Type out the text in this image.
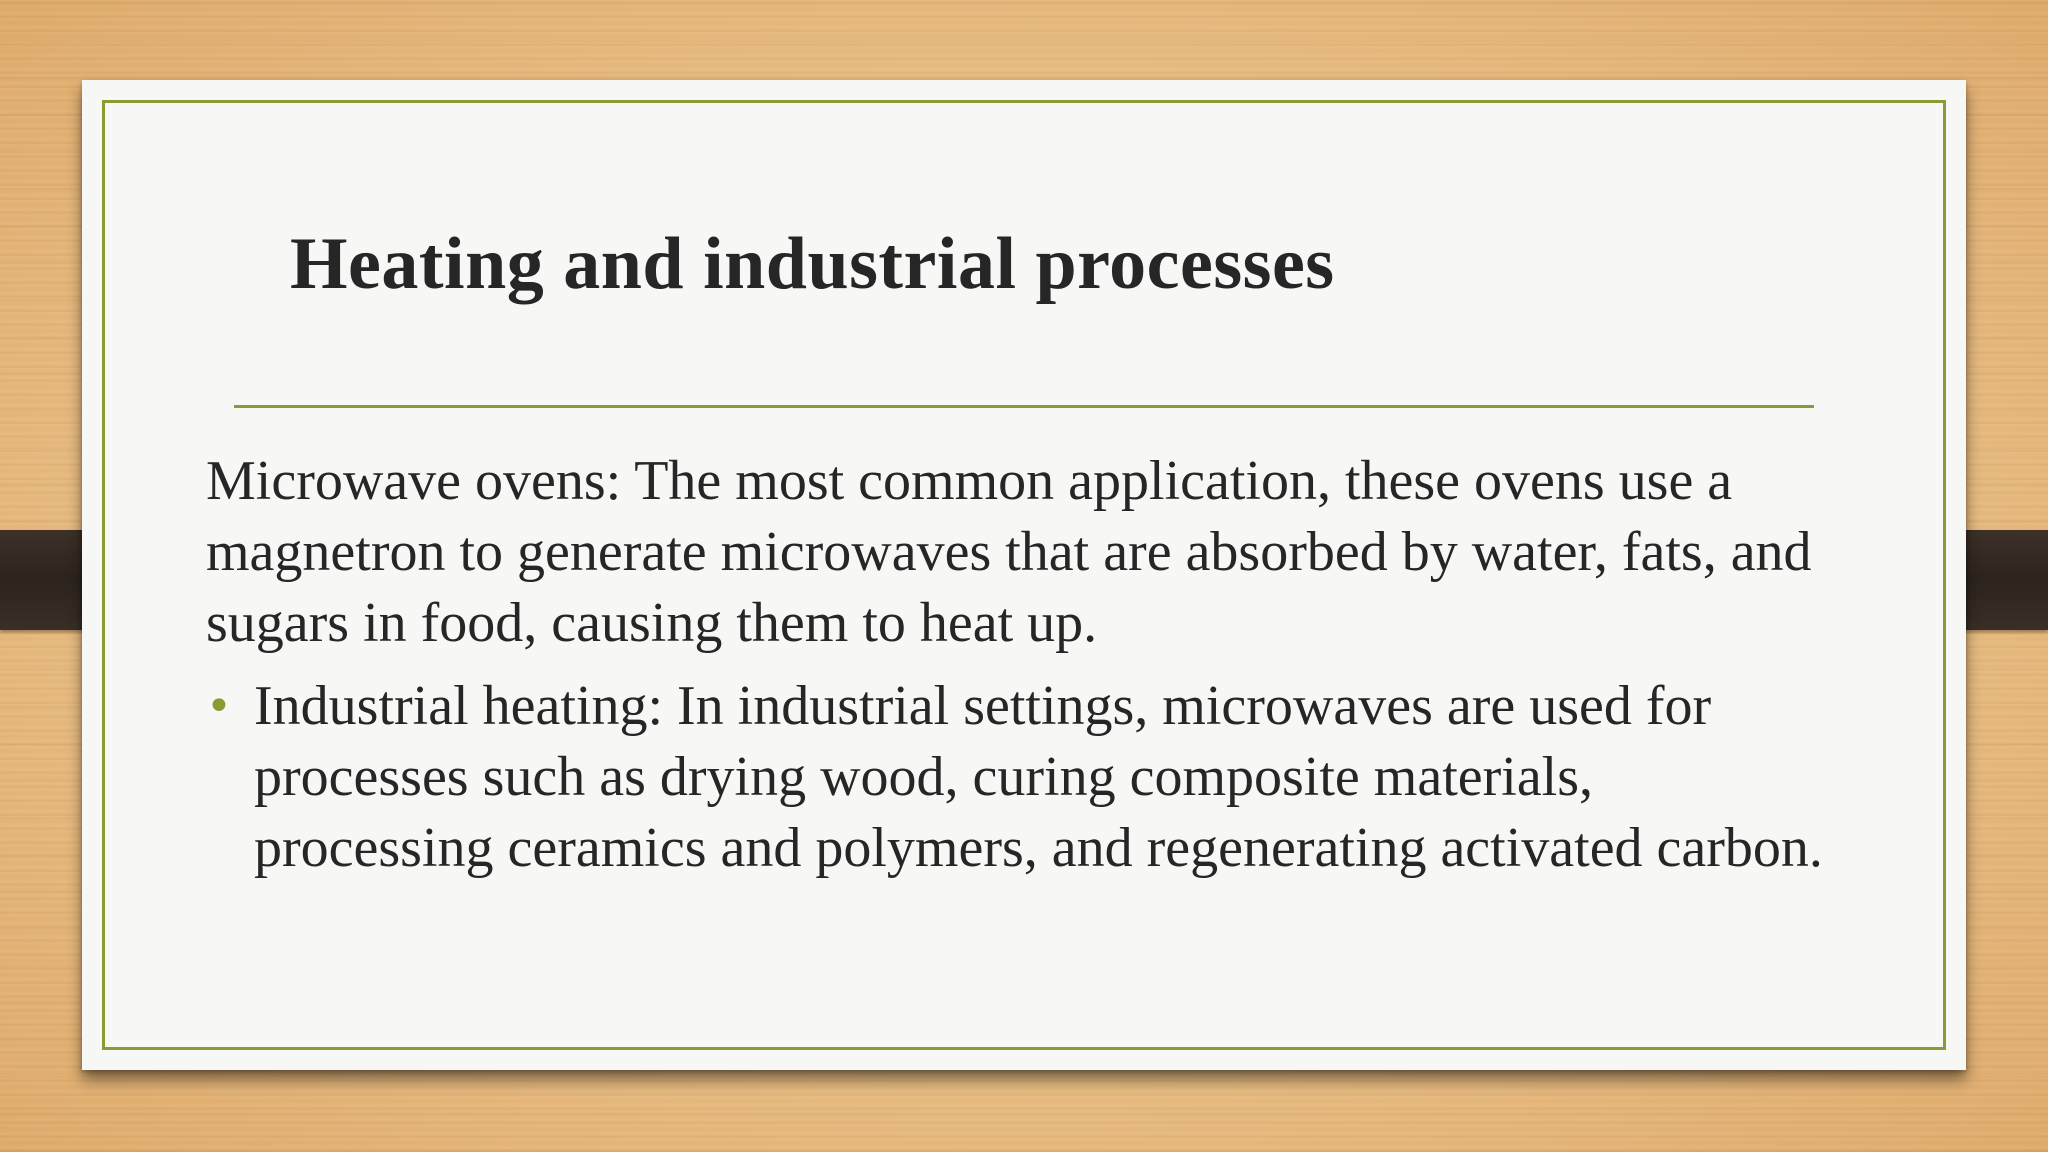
Heating and industrial processes

Microwave ovens: The most common application, these ovens use a magnetron to generate microwaves that are absorbed by water, fats, and sugars in food, causing them to heat up.

• Industrial heating: In industrial settings, microwaves are used for processes such as drying wood, curing composite materials, processing ceramics and polymers, and regenerating activated carbon.
